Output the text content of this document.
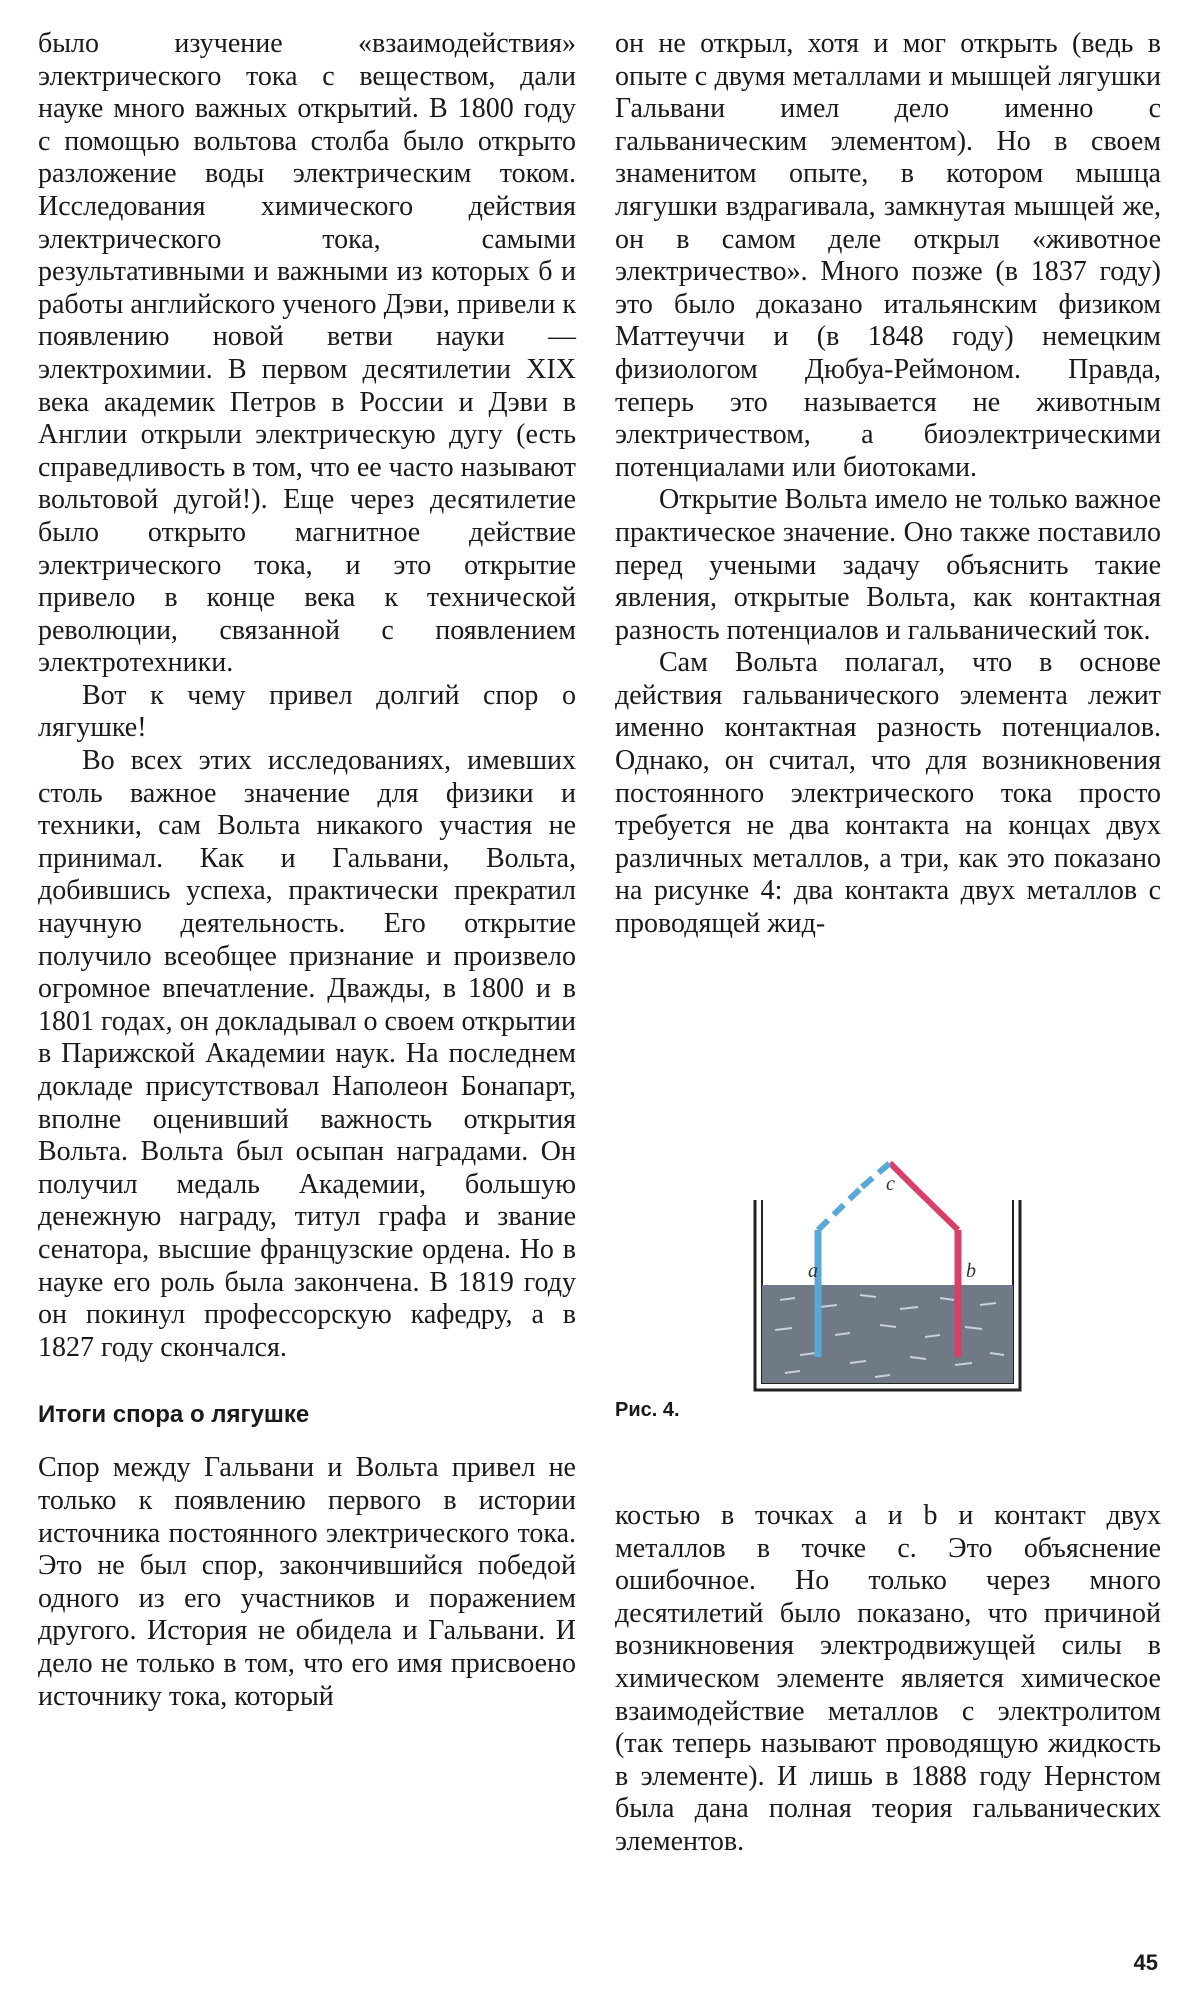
было изучение «взаимодействия» электрического тока с веществом, дали науке много важных открытий. В 1800 году с помощью вольтова столба было открыто разложение воды электрическим током. Исследования химического действия электрического тока, самыми результативными и важными из которых б и работы английского ученого Дэви, привели к появлению новой ветви науки — электрохимии. В первом десятилетии XIX века академик Петров в России и Дэви в Англии открыли электрическую дугу (есть справедливость в том, что ее часто называют вольтовой дугой!). Еще через десятилетие было открыто магнитное действие электрического тока, и это открытие привело в конце века к технической революции, связанной с появлением электротехники.

Вот к чему привел долгий спор о лягушке!

Во всех этих исследованиях, имевших столь важное значение для физики и техники, сам Вольта никакого участия не принимал. Как и Гальвани, Вольта, добившись успеха, практически прекратил научную деятельность. Его открытие получило всеобщее признание и произвело огромное впечатление. Дважды, в 1800 и в 1801 годах, он докладывал о своем открытии в Парижской Академии наук. На последнем докладе присутствовал Наполеон Бонапарт, вполне оценивший важность открытия Вольта. Вольта был осыпан наградами. Он получил медаль Академии, большую денежную награду, титул графа и звание сенатора, высшие французские ордена. Но в науке его роль была закончена. В 1819 году он покинул профессорскую кафедру, а в 1827 году скончался.

Итоги спора о лягушке

Спор между Гальвани и Вольта привел не только к появлению первого в истории источника постоянного электрического тока. Это не был спор, закончившийся победой одного из его участников и поражением другого. История не обидела и Гальвани. И дело не только в том, что его имя присвоено источнику тока, который

он не открыл, хотя и мог открыть (ведь в опыте с двумя металлами и мышцей лягушки Гальвани имел дело именно с гальваническим элементом). Но в своем знаменитом опыте, в котором мышца лягушки вздрагивала, замкнутая мышцей же, он в самом деле открыл «животное электричество». Много позже (в 1837 году) это было доказано итальянским физиком Маттеуччи и (в 1848 году) немецким физиологом Дюбуа-Реймоном. Правда, теперь это называется не животным электричеством, а биоэлектрическими потенциалами или биотоками.

Открытие Вольта имело не только важное практическое значение. Оно также поставило перед учеными задачу объяснить такие явления, открытые Вольта, как контактная разность потенциалов и гальванический ток.

Сам Вольта полагал, что в основе действия гальванического элемента лежит именно контактная разность потенциалов. Однако, он считал, что для возникновения постоянного электрического тока просто требуется не два контакта на концах двух различных металлов, а три, как это показано на рисунке 4: два контакта двух металлов с проводящей жид-

a	b
c
Рис. 4.

костью в точках a и b и контакт двух металлов в точке c. Это объяснение ошибочное. Но только через много десятилетий было показано, что причиной возникновения электродвижущей силы в химическом элементе является химическое взаимодействие металлов с электролитом (так теперь называют проводящую жидкость в элементе). И лишь в 1888 году Нернстом была дана полная теория гальванических элементов.

45
